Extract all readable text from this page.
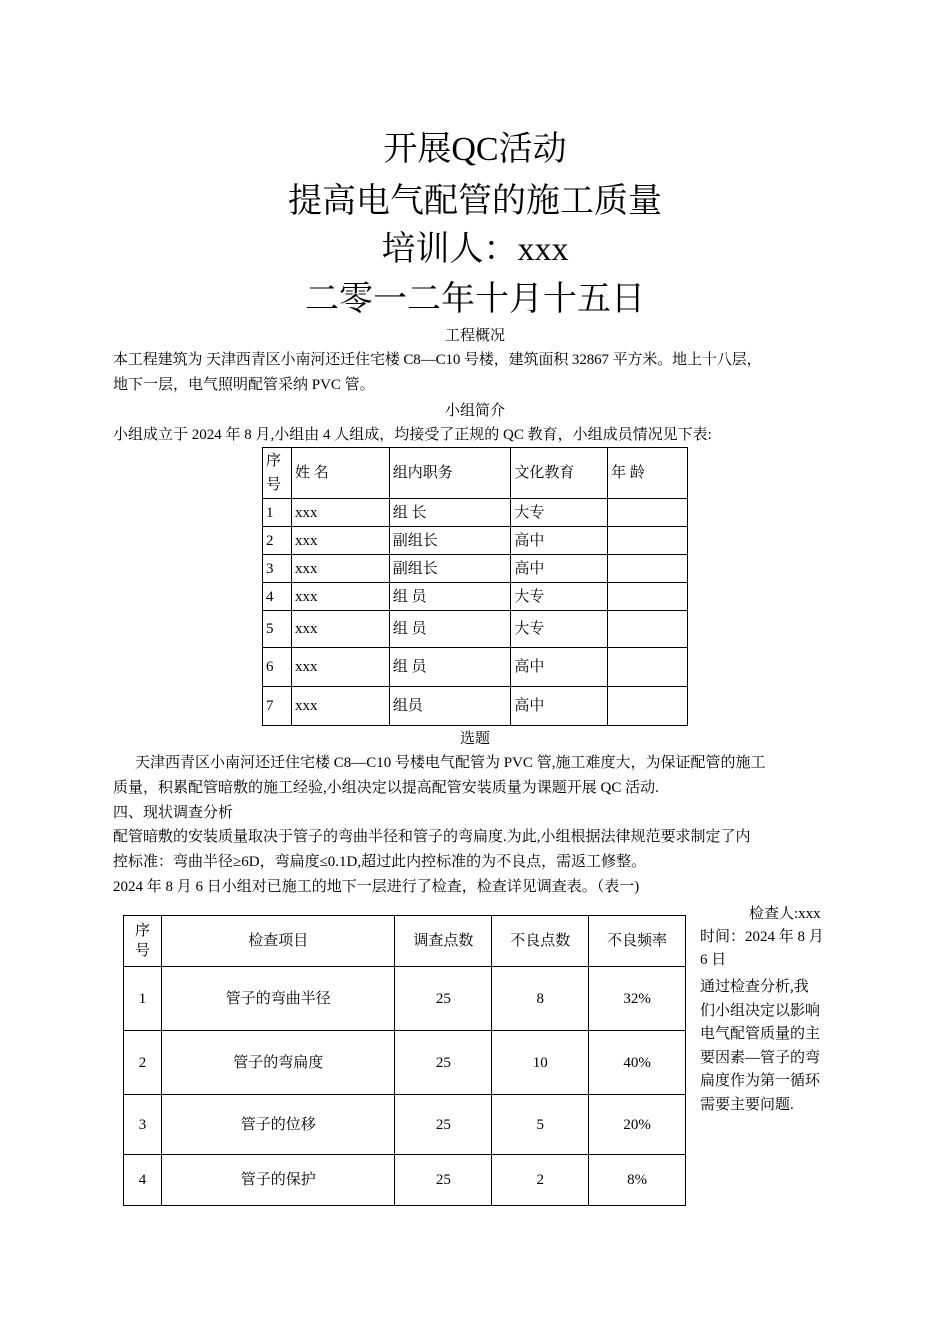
开展QC活动
提高电气配管的施工质量
培训人：xxx
二零一二年十月十五日
工程概况
本工程建筑为 天津西青区小南河还迁住宅楼 C8—C10 号楼，建筑面积 32867 平方米。地上十八层，
地下一层，电气照明配管采纳 PVC 管。
小组简介
小组成立于 2024 年 8 月,小组由 4 人组成，均接受了正规的 QC 教育，小组成员情况见下表:
序号	姓 名	组内职务	文化教育	年 龄
1	xxx	组 长	大专	
2	xxx	副组长	高中	
3	xxx	副组长	高中	
4	xxx	组 员	大专	
5	xxx	组 员	大专	
6	xxx	组 员	高中	
7	xxx	组员	高中	
选题
天津西青区小南河还迁住宅楼 C8—C10 号楼电气配管为 PVC 管,施工难度大，为保证配管的施工
质量，积累配管暗敷的施工经验,小组决定以提高配管安装质量为课题开展 QC 活动.
四、现状调查分析
配管暗敷的安装质量取决于管子的弯曲半径和管子的弯扁度.为此,小组根据法律规范要求制定了内
控标准：弯曲半径≥6D，弯扁度≤0.1D,超过此内控标准的为不良点，需返工修整。
2024 年 8 月 6 日小组对已施工的地下一层进行了检查，检查详见调查表。（表一)
序 号	检查项目	调查点数	不良点数	不良频率
1	管子的弯曲半径	25	8	32%
2	管子的弯扁度	25	10	40%
3	管子的位移	25	5	20%
4	管子的保护	25	2	8%
检查人:xxx
时间：2024 年 8 月
6 日
通过检查分析,我
们小组决定以影响
电气配管质量的主
要因素—管子的弯
扁度作为第一循环
需要主要问题.
